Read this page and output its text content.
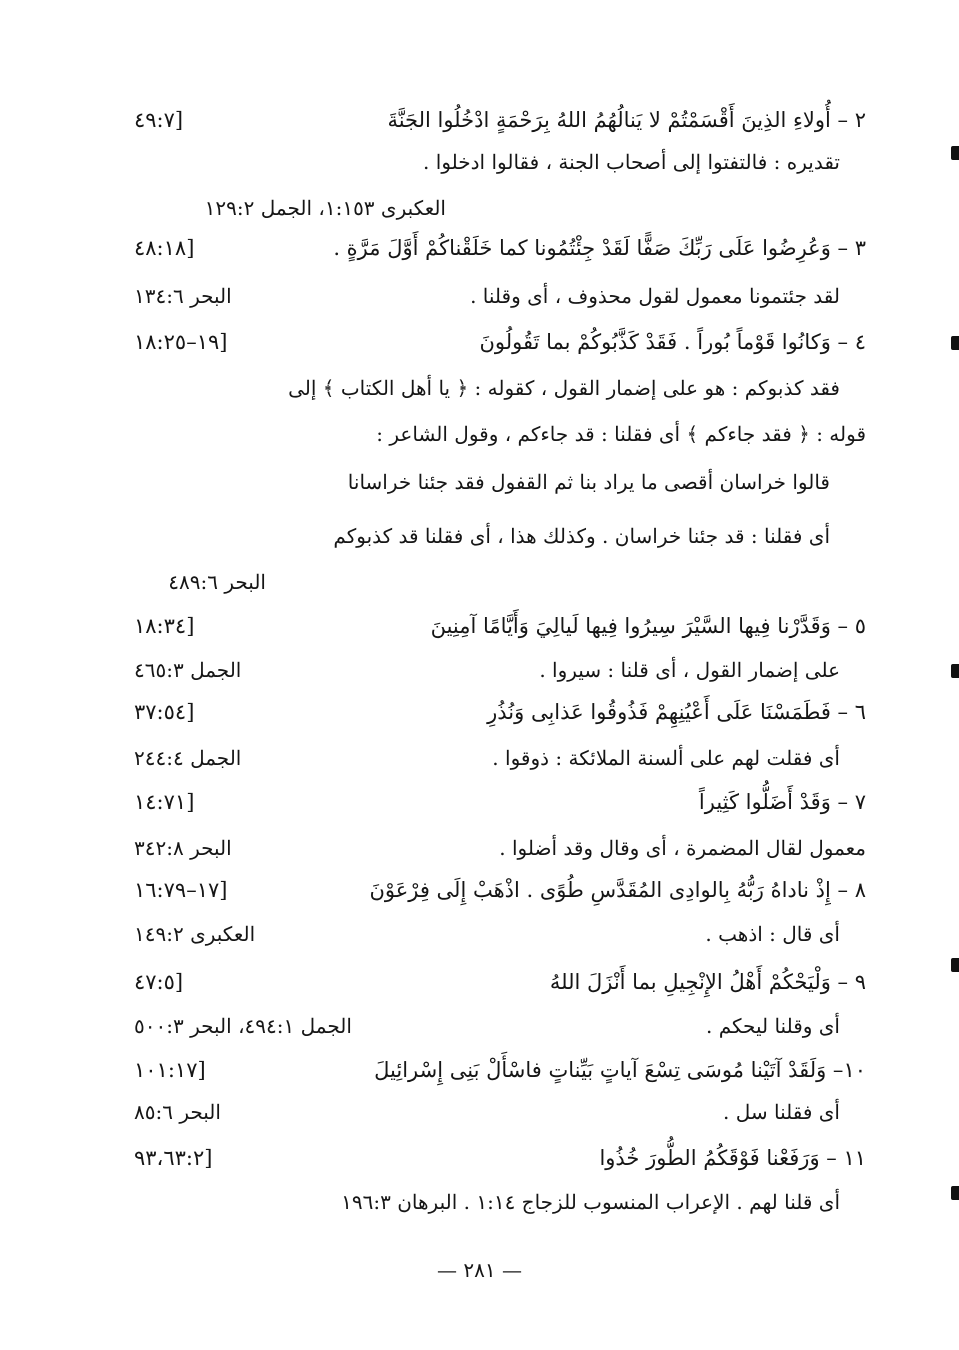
٢ – أُولاءِ الذِينَ أَقْسَمْتُمْ لا يَنالُهُمُ اللهُ بِرَحْمَةٍ ادْخُلُوا الجَنَّةَ
[٤٩:٧
تقديره : فالتفتوا إلى أصحاب الجنة ، فقالوا ادخلوا .
العكبرى ١:١٥٣، الجمل ١٢٩:٢
٣ – وَعُرِضُوا عَلَى رَبِّكَ صَفًّا لَقَدْ جِئْتُمُونا كما خَلَقْناكُمْ أَوَّلَ مَرَّةٍ .
[٤٨:١٨
لقد جئتمونا معمول لقول محذوف ، أى وقلنا .
البحر ١٣٤:٦
٤ – وَكانُوا قَوْماً بُوراً . فَقَدْ كَذَّبُوكُمْ بما تَقُولُونَ
[١٩–١٨:٢٥
فقد كذبوكم : هو على إضمار القول ، كقوله : ﴿ يا أهل الكتاب ﴾ إلى
قوله : ﴿ فقد جاءكم ﴾ أى فقلنا : قد جاءكم ، وقول الشاعر :
قالوا خراسان أقصى ما يراد بنا ثم القفول فقد جئنا خراسانا
أى فقلنا : قد جئنا خراسان . وكذلك هذا ، أى فقلنا قد كذبوكم
البحر ٤٨٩:٦
٥ – وَقَدَّرْنا فِيها السَّيْرَ سِيرُوا فِيها لَيالِيَ وَأَيَّامًا آمِنِينَ
[١٨:٣٤
على إضمار القول ، أى قلنا : سيروا .
الجمل ٤٦٥:٣
٦ – فَطَمَسْنَا عَلَى أَعْيُنِهِمْ فَذُوقُوا عَذابِى وَنُذُرِ
[٣٧:٥٤
أى فقلت لهم على ألسنة الملائكة : ذوقوا .
الجمل ٢٤٤:٤
٧ – وَقَدْ أَضَلُّوا كَثِيراً
[١٤:٧١
معمول لقال المضمرة ، أى وقال وقد أضلوا .
البحر ٣٤٢:٨
٨ – إِذْ ناداهُ رَبُّهُ بِالوادِى المُقَدَّسِ طُوًى . اذْهَبْ إِلَى فِرْعَوْنَ
[١٧–١٦:٧٩
أى قال : اذهب .
العكبرى ١٤٩:٢
٩ – وَلْيَحْكُمْ أَهْلُ الإِنْجِيلِ بما أَنْزَلَ اللهُ
[٤٧:٥
أى وقلنا ليحكم .
الجمل ٤٩٤:١، البحر ٥٠٠:٣
١٠– وَلَقَدْ آتَيْنا مُوسَى تِسْعَ آياتٍ بَيِّناتٍ فاسْأَلْ بَنِى إِسْرائِيلَ
[١٠١:١٧
أى فقلنا سل .
البحر ٨٥:٦
١١ – وَرَفَعْنا فَوْقَكُمُ الطُّورَ خُذُوا
[٩٣،٦٣:٢
أى قلنا لهم . الإعراب المنسوب للزجاج ١:١٤ . البرهان ١٩٦:٣
— ٢٨١ —
